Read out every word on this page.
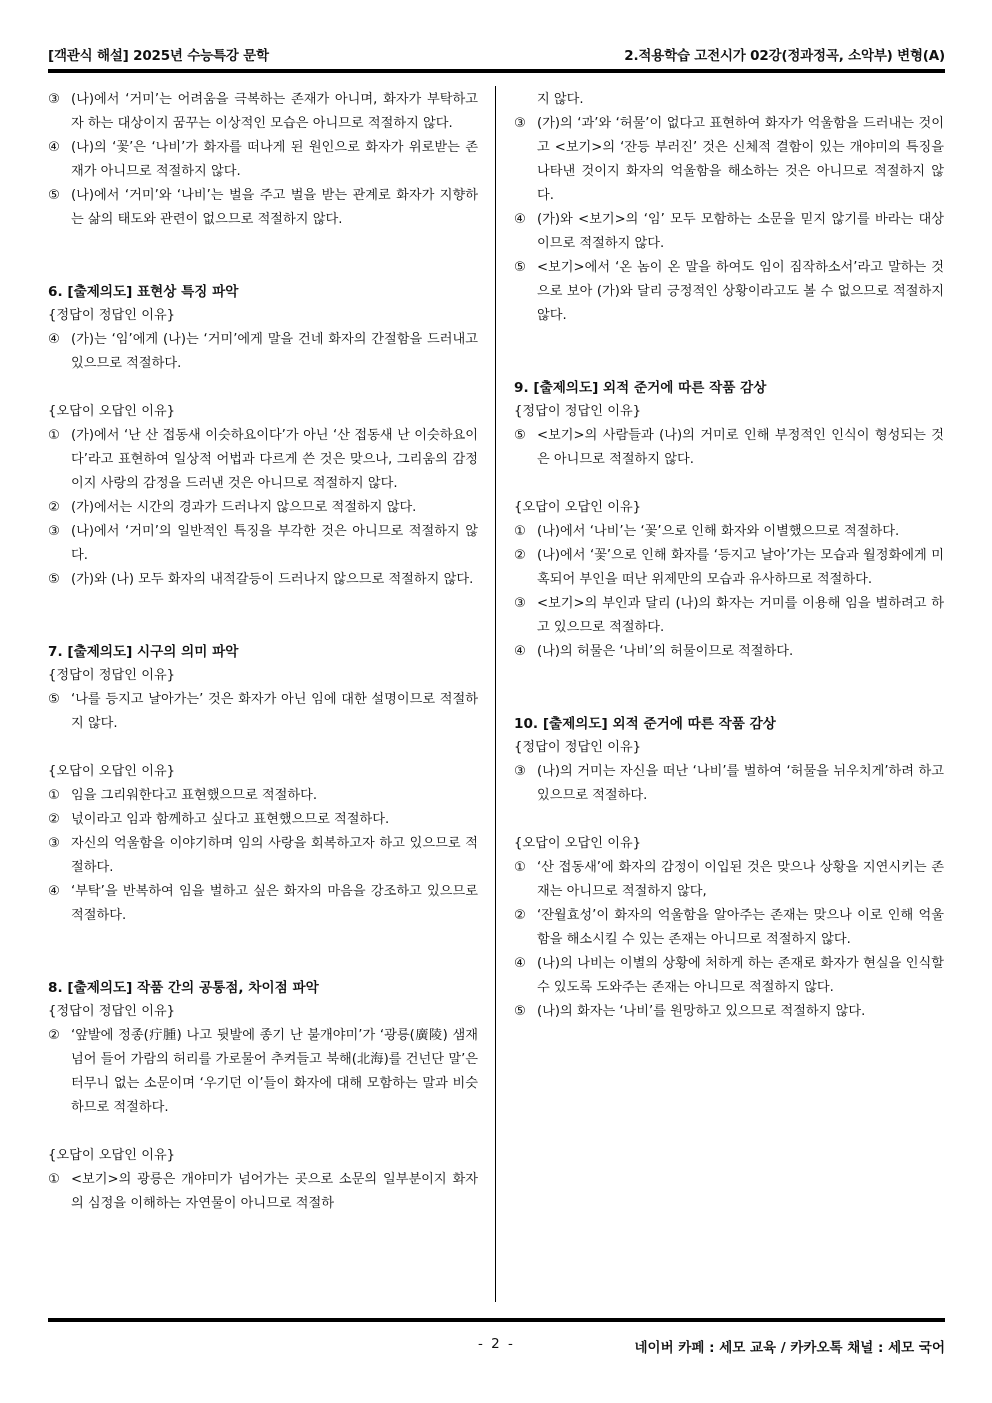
[객관식 해설] 2025년 수능특강 문학	2.적용학습 고전시가 02강(정과정곡, 소악부) 변형(A)
③ (나)에서 ‘거미’는 어려움을 극복하는 존재가 아니며, 화자가 부탁하고자 하는 대상이지 꿈꾸는 이상적인 모습은 아니므로 적절하지 않다.
④ (나)의 ‘꽃’은 ‘나비’가 화자를 떠나게 된 원인으로 화자가 위로받는 존재가 아니므로 적절하지 않다.
⑤ (나)에서 ‘거미’와 ‘나비’는 벌을 주고 벌을 받는 관계로 화자가 지향하는 삶의 태도와 관련이 없으므로 적절하지 않다.
6. [출제의도] 표현상 특징 파악
{정답이 정답인 이유}
④ (가)는 ‘임’에게 (나)는 ‘거미’에게 말을 건네 화자의 간절함을 드러내고 있으므로 적절하다.
{오답이 오답인 이유}
① (가)에서 ‘난 산 접동새 이슷하요이다’가 아닌 ‘산 접동새 난 이슷하요이다’라고 표현하여 일상적 어법과 다르게 쓴 것은 맞으나, 그리움의 감정이지 사랑의 감정을 드러낸 것은 아니므로 적절하지 않다.
② (가)에서는 시간의 경과가 드러나지 않으므로 적절하지 않다.
③ (나)에서 ‘거미’의 일반적인 특징을 부각한 것은 아니므로 적절하지 않다.
⑤ (가)와 (나) 모두 화자의 내적갈등이 드러나지 않으므로 적절하지 않다.
7. [출제의도] 시구의 의미 파악
{정답이 정답인 이유}
⑤ ‘나를 등지고 날아가는’ 것은 화자가 아닌 임에 대한 설명이므로 적절하지 않다.
{오답이 오답인 이유}
① 임을 그리워한다고 표현했으므로 적절하다.
② 넋이라고 임과 함께하고 싶다고 표현했으므로 적절하다.
③ 자신의 억울함을 이야기하며 임의 사랑을 회복하고자 하고 있으므로 적절하다.
④ ‘부탁’을 반복하여 임을 벌하고 싶은 화자의 마음을 강조하고 있으므로 적절하다.
8. [출제의도] 작품 간의 공통점, 차이점 파악
{정답이 정답인 이유}
② ‘앞발에 정종(疔腫) 나고 뒷발에 종기 난 불개야미’가 ‘광릉(廣陵) 샘재 넘어 들어 가람의 허리를 가로물어 추켜들고 북해(北海)를 건넌단 말’은 터무니 없는 소문이며 ‘우기던 이’들이 화자에 대해 모함하는 말과 비슷하므로 적절하다.
{오답이 오답인 이유}
① <보기>의 광릉은 개야미가 넘어가는 곳으로 소문의 일부분이지 화자의 심정을 이해하는 자연물이 아니므로 적절하
지 않다.
③ (가)의 ‘과’와 ‘허물’이 없다고 표현하여 화자가 억울함을 드러내는 것이고 <보기>의 ‘잔등 부러진’ 것은 신체적 결함이 있는 개야미의 특징을 나타낸 것이지 화자의 억울함을 해소하는 것은 아니므로 적절하지 않다.
④ (가)와 <보기>의 ‘임’ 모두 모함하는 소문을 믿지 않기를 바라는 대상이므로 적절하지 않다.
⑤ <보기>에서 ‘온 놈이 온 말을 하여도 임이 짐작하소서’라고 말하는 것으로 보아 (가)와 달리 긍정적인 상황이라고도 볼 수 없으므로 적절하지 않다.
9. [출제의도] 외적 준거에 따른 작품 감상
{정답이 정답인 이유}
⑤ <보기>의 사람들과 (나)의 거미로 인해 부정적인 인식이 형성되는 것은 아니므로 적절하지 않다.
{오답이 오답인 이유}
① (나)에서 ‘나비’는 ‘꽃’으로 인해 화자와 이별했으므로 적절하다.
② (나)에서 ‘꽃’으로 인해 화자를 ‘등지고 날아’가는 모습과 월정화에게 미혹되어 부인을 떠난 위제만의 모습과 유사하므로 적절하다.
③ <보기>의 부인과 달리 (나)의 화자는 거미를 이용해 임을 벌하려고 하고 있으므로 적절하다.
④ (나)의 허물은 ‘나비’의 허물이므로 적절하다.
10. [출제의도] 외적 준거에 따른 작품 감상
{정답이 정답인 이유}
③ (나)의 거미는 자신을 떠난 ‘나비’를 벌하여 ‘허물을 뉘우치게’하려 하고 있으므로 적절하다.
{오답이 오답인 이유}
① ‘산 접동새’에 화자의 감정이 이입된 것은 맞으나 상황을 지연시키는 존재는 아니므로 적절하지 않다,
② ‘잔월효성’이 화자의 억울함을 알아주는 존재는 맞으나 이로 인해 억울함을 해소시킬 수 있는 존재는 아니므로 적절하지 않다.
④ (나)의 나비는 이별의 상황에 처하게 하는 존재로 화자가 현실을 인식할 수 있도록 도와주는 존재는 아니므로 적절하지 않다.
⑤ (나)의 화자는 ‘나비’를 원망하고 있으므로 적절하지 않다.
- 2 -	네이버 카페 : 세모 교육 / 카카오톡 채널 : 세모 국어
